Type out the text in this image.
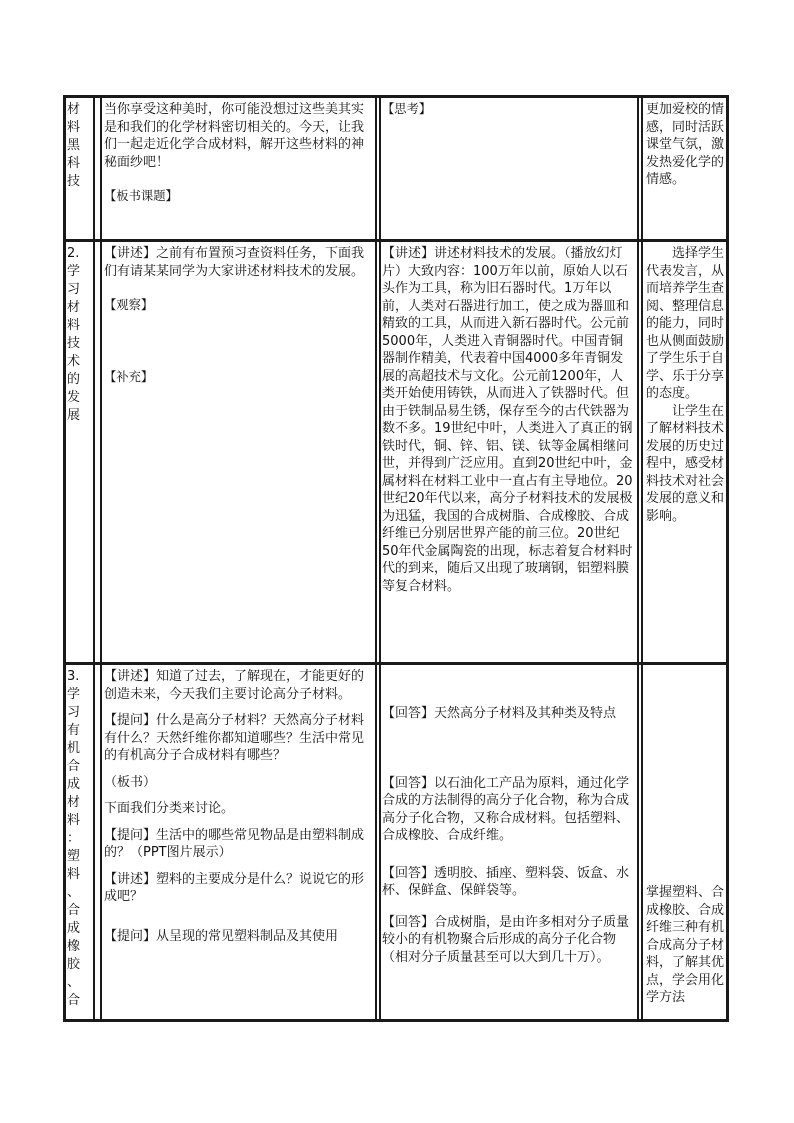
材
料
黑
科
技

当你享受这种美时，你可能没想过这些美其实是和我们的化学材料密切相关的。今天，让我们一起走近化学合成材料，解开这些材料的神秘面纱吧！

【板书课题】

【思考】	更加爱校的情感，同时活跃课堂气氛，激发热爱化学的情感。

2.
学
习
材
料
技
术
的
发
展

【讲述】之前有布置预习查资料任务，下面我们有请某某同学为大家讲述材料技术的发展。

【观察】

【补充】

【讲述】讲述材料技术的发展。（播放幻灯片）大致内容：100万年以前，原始人以石头作为工具，称为旧石器时代。1万年以前，人类对石器进行加工，使之成为器皿和精致的工具，从而进入新石器时代。公元前5000年，人类进入青铜器时代。中国青铜器制作精美，代表着中国4000多年青铜发展的高超技术与文化。公元前1200年，人类开始使用铸铁，从而进入了铁器时代。但由于铁制品易生锈，保存至今的古代铁器为数不多。19世纪中叶，人类进入了真正的钢铁时代，铜、锌、铝、镁、钛等金属相继问世，并得到广泛应用。直到20世纪中叶，金属材料在材料工业中一直占有主导地位。20世纪20年代以来，高分子材料技术的发展极为迅猛，我国的合成树脂、合成橡胶、合成纤维已分别居世界产能的前三位。20世纪50年代金属陶瓷的出现，标志着复合材料时代的到来，随后又出现了玻璃钢，铝塑料膜等复合材料。

选择学生代表发言，从而培养学生查阅、整理信息的能力，同时也从侧面鼓励了学生乐于自学、乐于分享的态度。

让学生在了解材料技术发展的历史过程中，感受材料技术对社会发展的意义和影响。

3.
学
习
有
机
合
成
材
料
：
塑
料
、
合
成
橡
胶
、
合

【讲述】知道了过去，了解现在，才能更好的创造未来，今天我们主要讨论高分子材料。

【提问】什么是高分子材料？天然高分子材料有什么？天然纤维你都知道哪些？生活中常见的有机高分子合成材料有哪些？

（板书）

下面我们分类来讨论。

【提问】生活中的哪些常见物品是由塑料制成的？（PPT图片展示）

【讲述】塑料的主要成分是什么？说说它的形成吧？

【提问】从呈现的常见塑料制品及其使用

【回答】天然高分子材料及其种类及特点

【回答】以石油化工产品为原料，通过化学合成的方法制得的高分子化合物，称为合成高分子化合物，又称合成材料。包括塑料、合成橡胶、合成纤维。

【回答】透明胶、插座、塑料袋、饭盒、水杯、保鲜盒、保鲜袋等。

【回答】合成树脂，是由许多相对分子质量较小的有机物聚合后形成的高分子化合物（相对分子质量甚至可以大到几十万）。

掌握塑料、合成橡胶、合成纤维三种有机合成高分子材料，了解其优点，学会用化学方法
